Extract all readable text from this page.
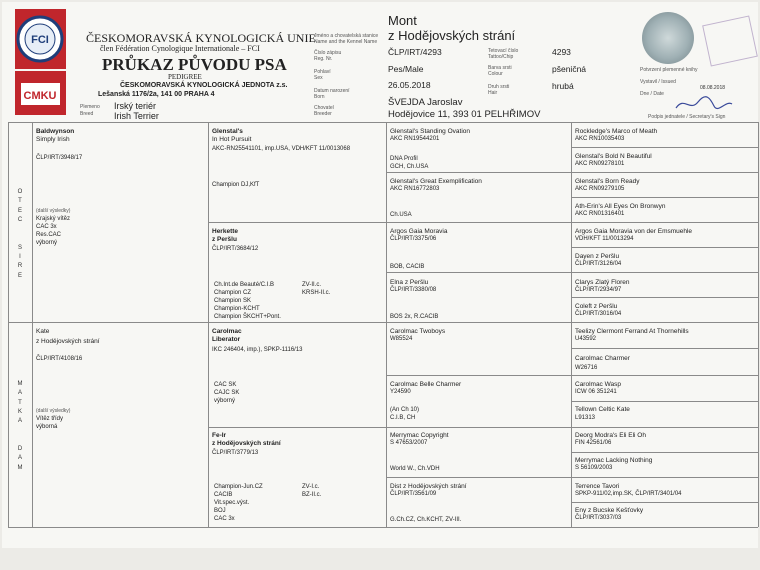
FCI
CMKU
ČESKOMORAVSKÁ KYNOLOGICKÁ UNIE
člen Fédération Cynologique Internationale – FCI
PRŮKAZ PŮVODU PSA
PEDIGREE
ČESKOMORAVSKÁ KYNOLOGICKÁ JEDNOTA z.s.
Lešanská 1176/2a, 141 00 PRAHA 4
Plemeno
Breed
Irský teriér
Irish Terrier
Jméno a chovatelská stanice
Name and the Kennel Name
Číslo zápisu
Reg. Nr.
Pohlaví
Sex
Datum narození
Born
Chovatel
Breeder
Mont
z Hodějovských strání
ČLP/IRT/4293
Pes/Male
26.05.2018
ŠVEJDA Jaroslav
Hodějovice 11, 393 01 PELHŘIMOV
Tetovací číslo
Tattoo/Chip
Barva srsti
Colour
Druh srsti
Hair
4293
pšeničná
hrubá
Potvrzení plemenné knihy
Vystavil / Issued
Dne / Date
08.08.2018
Podpis jednatele / Secretary's Sign
O
T
E
C

S
I
R
E
M
A
T
K
A

D
A
M
Baldwynson
Simply Irish
ČLP/IRT/3948/17
(další výsledky)
Krajský vítěz
CAC 3x
Res.CAC
výborný
Glenstal's
In Hot Pursuit
AKC-RN25541101, imp.USA, VDH/KFT 11/0013068
Champion DJ,KfT
Herkette
z Peršlu
ČLP/IRT/3684/12
Ch.Int.de Beauté/C.I.B
Champion CZ
Champion SK
Champion-KCHT
Champion ŠKCHT+Pont.
ZV-II.c.
KRSH-II.c.
Glenstal's Standing Ovation
AKC RN19544201
DNA Profil
GCH, Ch.USA
Glenstal's Great Exemplification
AKC RN16772803
Ch.USA
Argos Gaia Moravia
ČLP/IRT/3375/06
BOB, CACIB
Elna z Peršlu
ČLP/IRT/3380/08
BOS 2x, R.CACIB
Rockledge's Marco of Meath
AKC RN10035403
Glenstal's Bold N Beautiful
AKC RN09278101
Glenstal's Born Ready
AKC RN09279105
Ath-Erin's All Eyes On Bronwyn
AKC RN01316401
Argos Gaia Moravia von der Emsmuehle
VDH/KFT 11/0013294
Dayen z Peršlu
ČLP/IRT/3126/04
Clarys Zlatý Floren
ČLP/IRT/2934/97
Coleft z Peršlu
ČLP/IRT/3016/04
Kate
z Hodějovských strání
ČLP/IRT/4108/16
(další výsledky)
Vítěz třídy
výborná
Carolmac
Liberator
IKC 246404, imp.), SPKP-1116/13
CAC SK
CAJC SK
výborný
Fe-Ir
z Hodějovských strání
ČLP/IRT/3779/13
Champion-Jun.CZ
CACIB
Vit.spec.výst.
BOJ
CAC 3x
ZV-I.c.
BZ-II.c.
Carolmac Twoboys
W85524
Carolmac Belle Charmer
Y24590
(An Ch 10)
C.I.B, CH
Merrymac Copyright
S 47653/2007
World W., Ch.VDH
Dist z Hodějovských strání
ČLP/IRT/3561/09
G.Ch.CZ, Ch.KCHT, ZV-III.
Teelizy Clermont Ferrand At Thornehills
U43592
Carolmac Charmer
W26716
Carolmac Wasp
ICW 06 351241
Tellown Celtic Kate
L91313
Deorg Modra's Eli Eli Oh
FIN 42561/06
Merrymac Lacking Nothing
S 56109/2003
Terrence Tavori
SPKP-911/02,imp.SK, ČLP/IRT/3401/04
Eny z Bucske Kešťovky
ČLP/IRT/3037/03
